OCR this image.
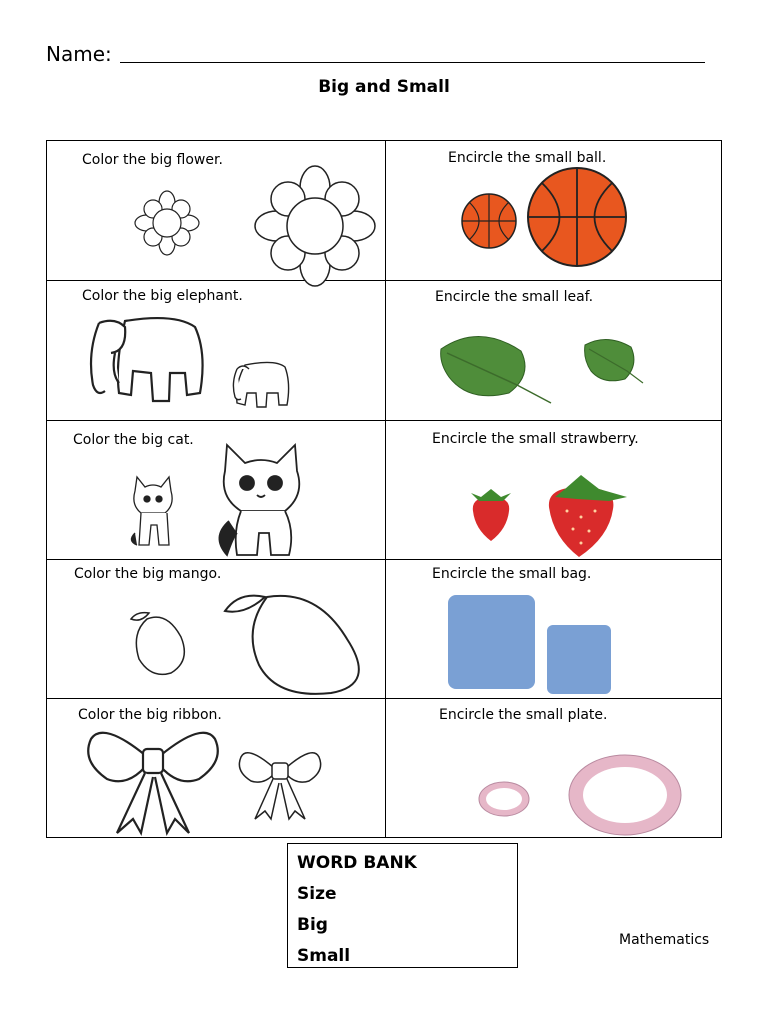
Name:
Big and Small
Color the big flower.	Encircle the small ball.
Color the big elephant.	Encircle the small leaf.
Color the big cat.	Encircle the small strawberry.
Color the big mango.	Encircle the small bag.
Color the big ribbon.	Encircle the small plate.
WORD BANK
Size
Big
Small
Mathematics
